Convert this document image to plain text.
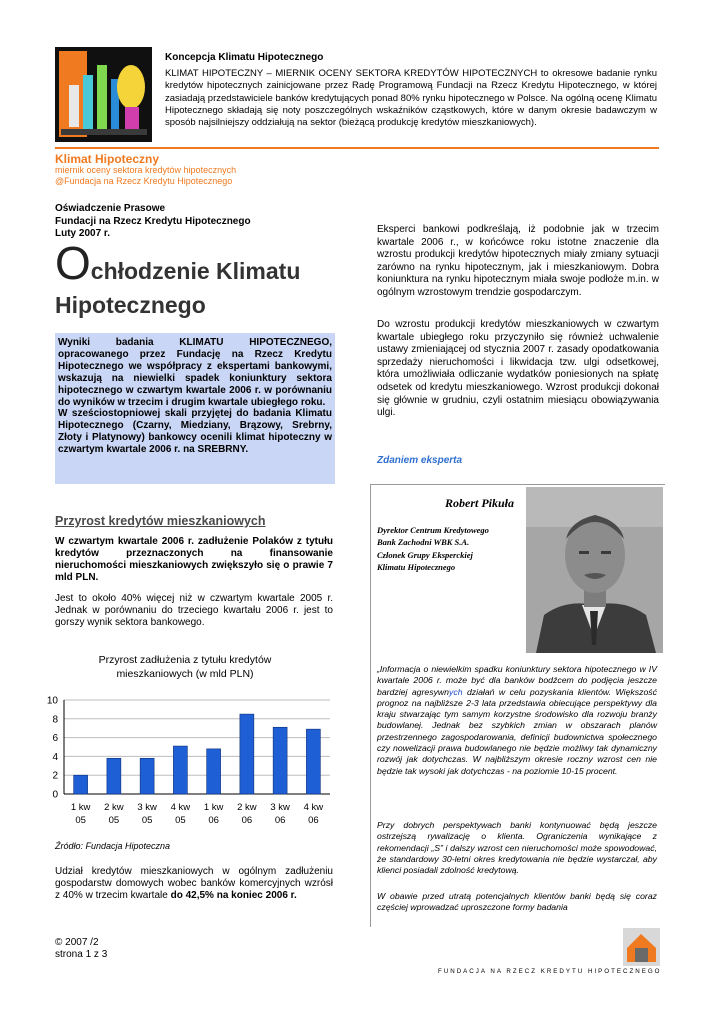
Koncepcja Klimatu Hipotecznego
KLIMAT HIPOTECZNY – MIERNIK OCENY SEKTORA KREDYTÓW HIPOTECZNYCH to okresowe badanie rynku kredytów hipotecznych zainicjowane przez Radę Programową Fundacji na Rzecz Kredytu Hipotecznego, w której zasiadają przedstawiciele banków kredytujących ponad 80% rynku hipotecznego w Polsce. Na ogólną ocenę Klimatu Hipotecznego składają się noty poszczególnych wskaźników cząstkowych, które w danym okresie badawczym w sposób najsilniejszy oddziałują na sektor (bieżącą produkcję kredytów mieszkaniowych).
Klimat Hipoteczny
miernik oceny sektora kredytów hipotecznych
@Fundacja na Rzecz Kredytu Hipotecznego
Oświadczenie Prasowe
Fundacji na Rzecz Kredytu Hipotecznego
Luty 2007 r.
Ochłodzenie Klimatu
Hipotecznego
Wyniki badania KLIMATU HIPOTECZNEGO, opracowanego przez Fundację na Rzecz Kredytu Hipotecznego we współpracy z ekspertami bankowymi, wskazują na niewielki spadek koniunktury sektora hipotecznego w czwartym kwartale 2006 r. w porównaniu do wyników w trzecim i drugim kwartale ubiegłego roku.
W sześciostopniowej skali przyjętej do badania Klimatu Hipotecznego (Czarny, Miedziany, Brązowy, Srebrny, Złoty i Platynowy) bankowcy ocenili klimat hipoteczny w czwartym kwartale 2006 r. na SREBRNY.
Przyrost kredytów mieszkaniowych
W czwartym kwartale 2006 r. zadłużenie Polaków z tytułu kredytów przeznaczonych na finansowanie nieruchomości mieszkaniowych zwiększyło się o prawie 7 mld PLN.
Jest to około 40% więcej niż w czwartym kwartale 2005 r. Jednak w porównaniu do trzeciego kwartału 2006 r. jest to gorszy wynik sektora bankowego.
Przyrost zadłużenia z tytułu kredytów
mieszkaniowych (w mld PLN)
0
2
4
6
8
10
1 kw
05
2 kw
05
3 kw
05
4 kw
05
1 kw
06
2 kw
06
3 kw
06
4 kw
06
Źródło: Fundacja Hipoteczna
Udział kredytów mieszkaniowych w ogólnym zadłużeniu gospodarstw domowych wobec banków komercyjnych wzrósł z 40% w trzecim kwartale do 42,5% na koniec 2006 r.
© 2007 /2
strona 1 z 3
Eksperci bankowi podkreślają, iż podobnie jak w trzecim kwartale 2006 r., w końcówce roku istotne znaczenie dla wzrostu produkcji kredytów hipotecznych miały zmiany sytuacji zarówno na rynku hipotecznym, jak i mieszkaniowym. Dobra koniunktura na rynku hipotecznym miała swoje podłoże m.in. w ogólnym wzrostowym trendzie gospodarczym.
Do wzrostu produkcji kredytów mieszkaniowych w czwartym kwartale ubiegłego roku przyczyniło się również uchwalenie ustawy zmieniającej od stycznia 2007 r. zasady opodatkowania sprzedaży nieruchomości i likwidacja tzw. ulgi odsetkowej, która umożliwiała odliczanie wydatków poniesionych na spłatę odsetek od kredytu mieszkaniowego. Wzrost produkcji dokonał się głównie w grudniu, czyli ostatnim miesiącu obowiązywania ulgi.
Zdaniem eksperta
Robert Pikuła
Dyrektor Centrum Kredytowego
Bank Zachodni WBK S.A.
Członek Grupy Eksperckiej
Klimatu Hipotecznego
„Informacja o niewielkim spadku koniunktury sektora hipotecznego w IV kwartale 2006 r. może być dla banków bodźcem do podjęcia jeszcze bardziej agresywnych działań w celu pozyskania klientów. Większość prognoz na najbliższe 2-3 lata przedstawia obiecujące perspektywy dla kraju stwarzając tym samym korzystne środowisko dla rozwoju branży budowlanej. Jednak bez szybkich zmian w obszarach planów przestrzennego zagospodarowania, definicji budownictwa społecznego czy nowelizacji prawa budowlanego nie będzie możliwy tak dynamiczny rozwój jak dotychczas. W najbliższym okresie roczny wzrost cen nie będzie tak wysoki jak dotychczas - na poziomie 10-15 procent.
Przy dobrych perspektywach banki kontynuować będą jeszcze ostrzejszą rywalizację o klienta. Ograniczenia wynikające z rekomendacji „S” i dalszy wzrost cen nieruchomości może spowodować, że standardowy 30-letni okres kredytowania nie będzie wystarczał, aby klienci posiadali zdolność kredytową.
W obawie przed utratą potencjalnych klientów banki będą się coraz częściej wprowadzać uproszczone formy badania
FUNDACJA NA RZECZ KREDYTU HIPOTECZNEGO
